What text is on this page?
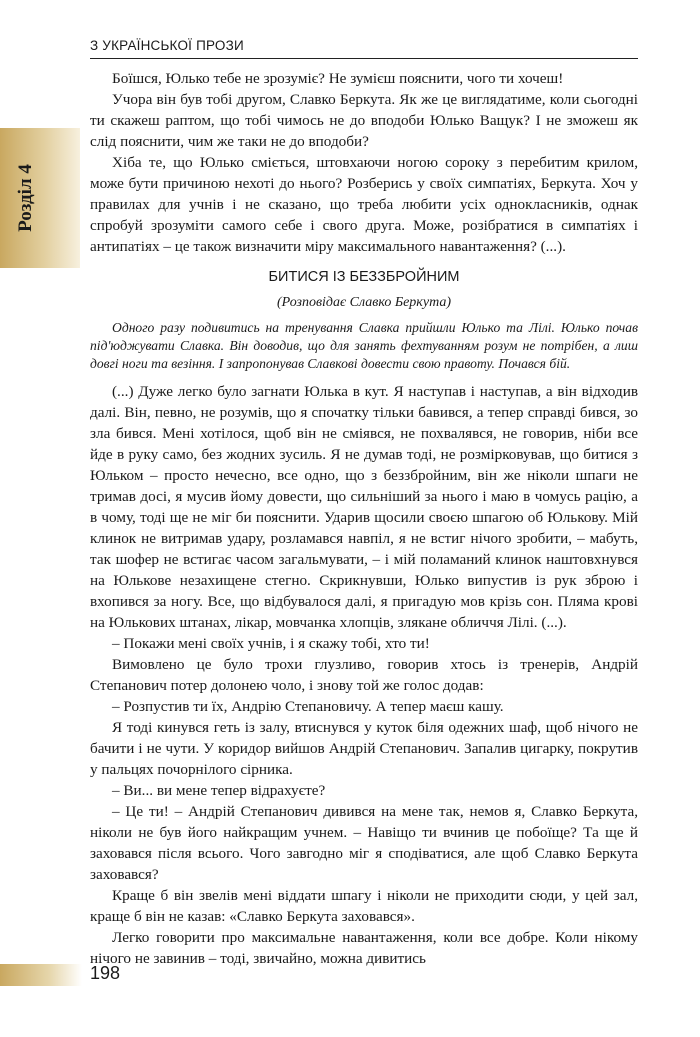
З УКРАЇНСЬКОЇ ПРОЗИ
Розділ 4

Боїшся, Юлько тебе не зрозуміє? Не зумієш пояснити, чого ти хочеш!

Учора він був тобі другом, Славко Беркута. Як же це виглядатиме, коли сьогодні ти скажеш раптом, що тобі чимось не до вподоби Юлько Ващук? І не зможеш як слід пояснити, чим же таки не до вподоби?

Хіба те, що Юлько сміється, штовхаючи ногою сороку з перебитим крилом, може бути причиною нехоті до нього? Розберись у своїх симпатіях, Беркута. Хоч у правилах для учнів і не сказано, що треба любити усіх однокласників, однак спробуй зрозуміти самого себе і свого друга. Може, розібратися в симпатіях і антипатіях – це також визначити міру максимального навантаження? (...).

БИТИСЯ ІЗ БЕЗЗБРОЙНИМ

(Розповідає Славко Беркута)

Одного разу подивитись на тренування Славка прийшли Юлько та Лілі. Юлько почав під'юджувати Славка. Він доводив, що для занять фехтуванням розум не потрібен, а лиш довгі ноги та везіння. І запропонував Славкові довести свою правоту. Почався бій.

(...) Дуже легко було загнати Юлька в кут. Я наступав і наступав, а він відходив далі. Він, певно, не розумів, що я спочатку тільки бавився, а тепер справді бився, зо зла бився. Мені хотілося, щоб він не сміявся, не похвалявся, не говорив, ніби все йде в руку само, без жодних зусиль. Я не думав тоді, не розмірковував, що битися з Юльком – просто нечесно, все одно, що з беззбройним, він же ніколи шпаги не тримав досі, я мусив йому довести, що сильніший за нього і маю в чомусь рацію, а в чому, тоді ще не міг би пояснити. Ударив щосили своєю шпагою об Юлькову. Мій клинок не витримав удару, розламався навпіл, я не встиг нічого зробити, – мабуть, так шофер не встигає часом загальмувати, – і мій поламаний клинок наштовхнувся на Юлькове незахищене стегно. Скрикнувши, Юлько випустив із рук зброю і вхопився за ногу. Все, що відбувалося далі, я пригадую мов крізь сон. Пляма крові на Юлькових штанах, лікар, мовчанка хлопців, злякане обличчя Лілі. (...).

– Покажи мені своїх учнів, і я скажу тобі, хто ти!

Вимовлено це було трохи глузливо, говорив хтось із тренерів, Андрій Степанович потер долонею чоло, і знову той же голос додав:

– Розпустив ти їх, Андрію Степановичу. А тепер маєш кашу.

Я тоді кинувся геть із залу, втиснувся у куток біля одежних шаф, щоб нічого не бачити і не чути. У коридор вийшов Андрій Степанович. Запалив цигарку, покрутив у пальцях почорнілого сірника.

– Ви... ви мене тепер відрахуєте?

– Це ти! – Андрій Степанович дивився на мене так, немов я, Славко Беркута, ніколи не був його найкращим учнем. – Навіщо ти вчинив це побоїще? Та ще й заховався після всього. Чого завгодно міг я сподіватися, але щоб Славко Беркута заховався?

Краще б він звелів мені віддати шпагу і ніколи не приходити сюди, у цей зал, краще б він не казав: «Славко Беркута заховався».

Легко говорити про максимальне навантаження, коли все добре. Коли нікому нічого не завинив – тоді, звичайно, можна дивитись

198
